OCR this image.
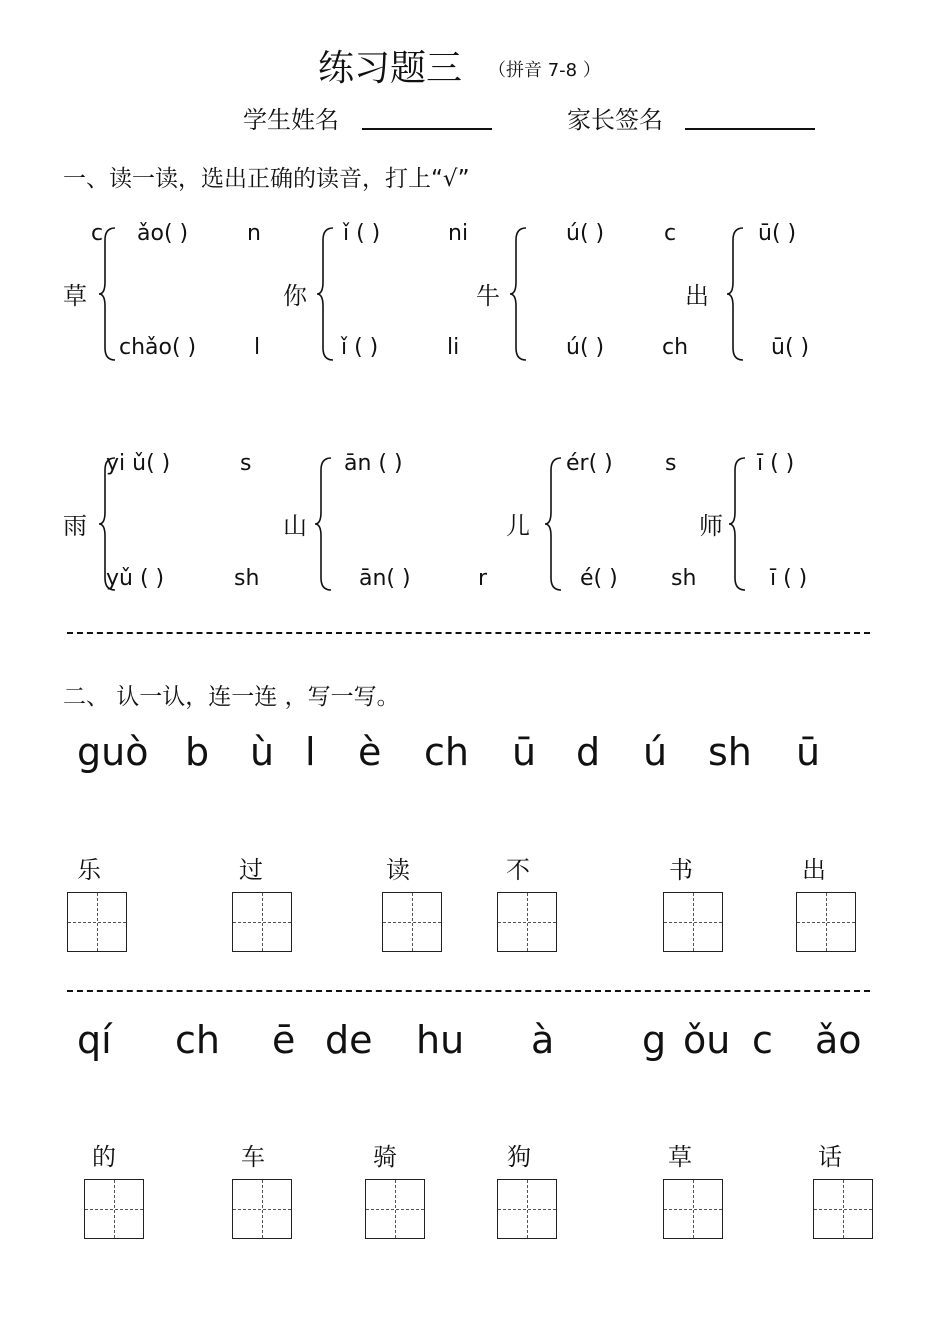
练习题三 （拼音 7-8 ）
学生姓名	家长签名
一、读一读，选出正确的读音，打上“√”
c ǎo( )	n	ǐ ( )	ni	ú( )	c	ū( )
草	你	牛	出
chǎo( )	l	ǐ ( )	li	ú( )	ch	ū( )
yi ǔ( )	s	ān ( )	ér( ) s	ī ( )
雨	山	儿	师
yǔ ( )	sh	ān( )	r	é( ) sh	ī ( )
二、 认一认，连一连 ，写一写。
guò b ù l è ch ū d ú sh ū
乐	过	读	不	书	出
qí ch ē de hu à g ǒu c ǎo
的	车	骑	狗	草	话
